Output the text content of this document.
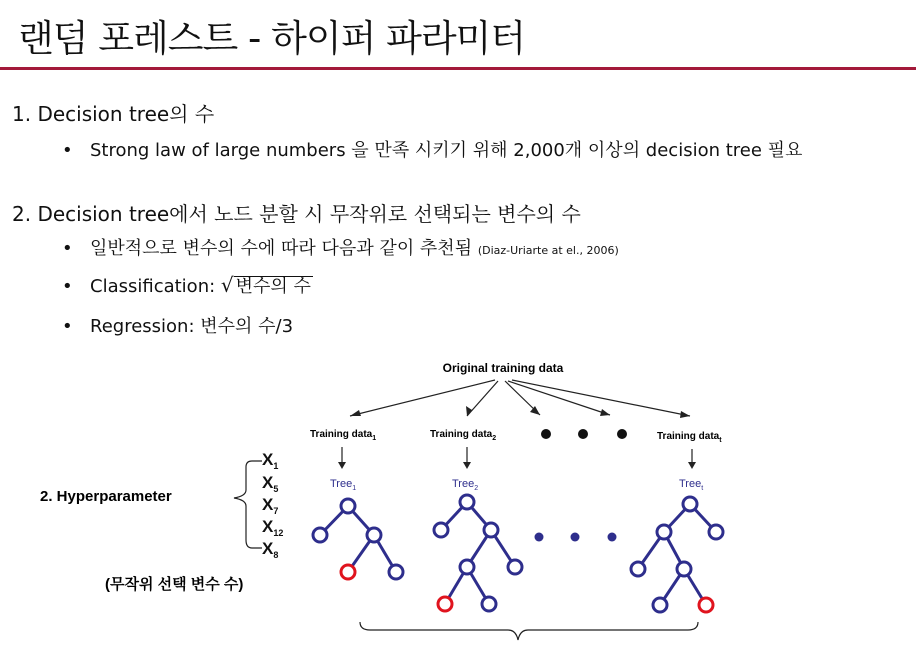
랜덤 포레스트 - 하이퍼 파라미터
1. Decision tree의 수
• Strong law of large numbers 을 만족 시키기 위해 2,000개 이상의 decision tree 필요
2. Decision tree에서 노드 분할 시 무작위로 선택되는 변수의 수
• 일반적으로 변수의 수에 따라 다음과 같이 추천됨 (Diaz-Uriarte at el., 2006)
• Classification: √ 변수의 수
• Regression: 변수의 수/3
Original training data
Training data$_1$	Training data$_2$	Training data$_t$
Tree$_1$	Tree$_2$	Tree$_t$
2. Hyperparameter
$X_1$
$X_5$
$X_7$
$X_{12}$
$X_8$
(무작위 선택 변수 수)
